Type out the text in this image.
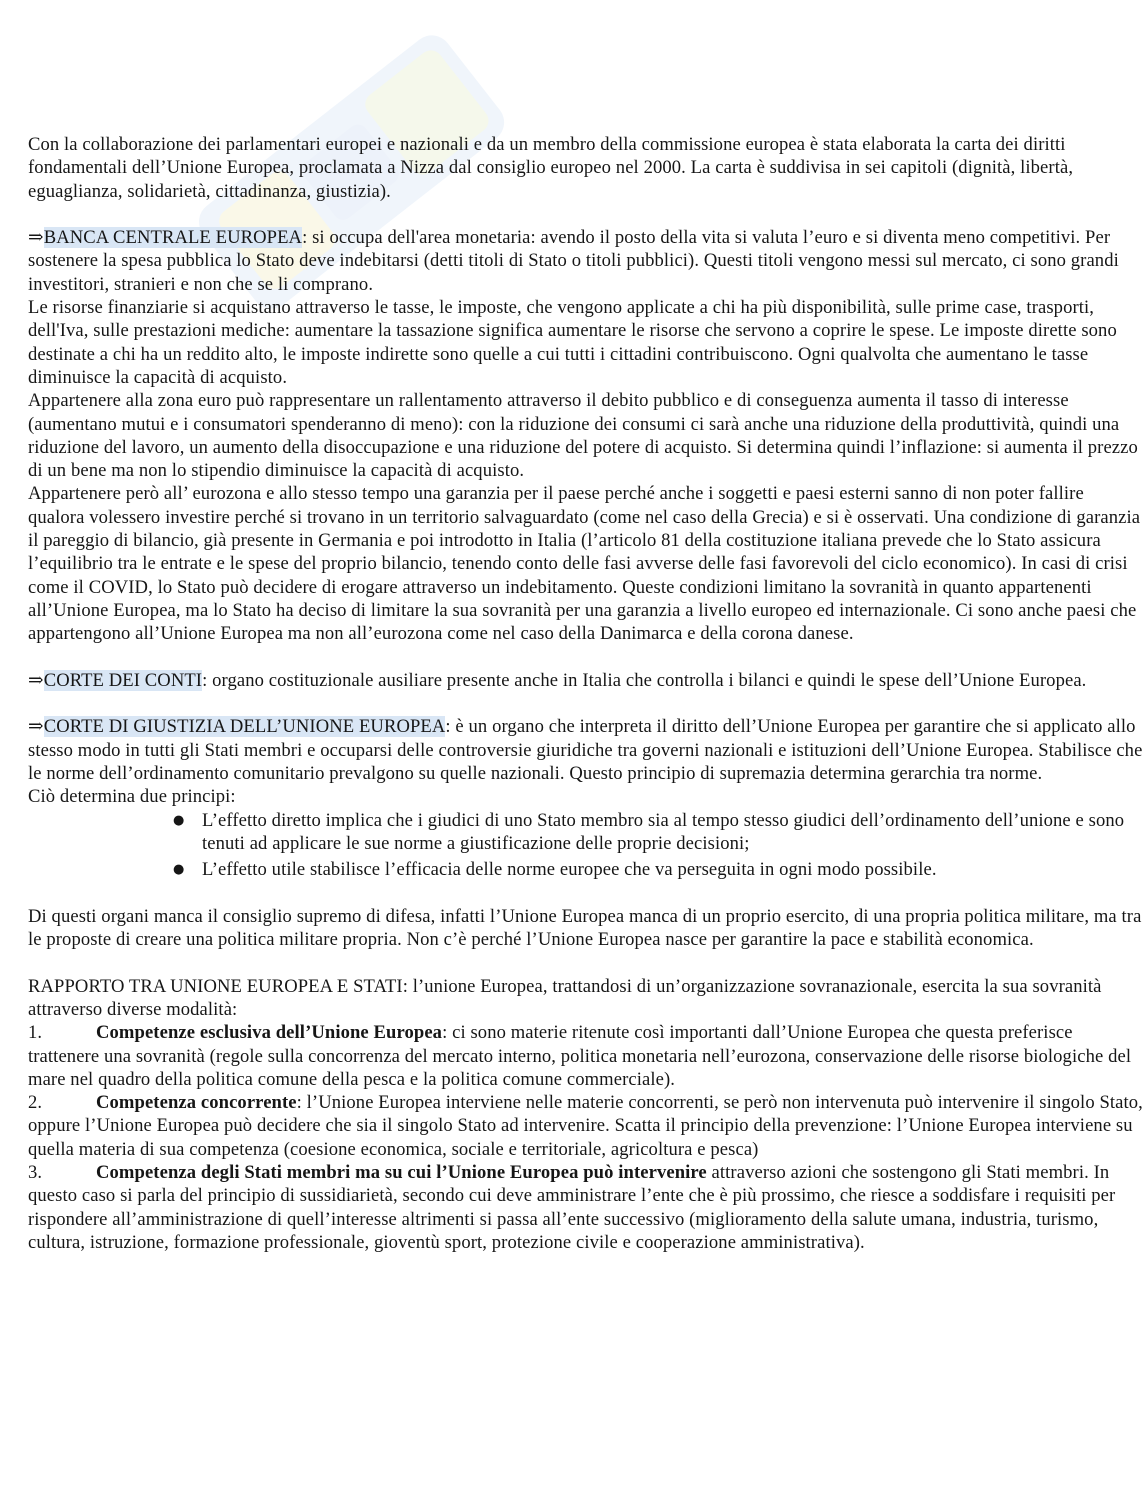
Con la collaborazione dei parlamentari europei e nazionali e da un membro della commissione europea è stata elaborata la carta dei diritti fondamentali dell’Unione Europea, proclamata a Nizza dal consiglio europeo nel 2000. La carta è suddivisa in sei capitoli (dignità, libertà, eguaglianza, solidarietà, cittadinanza, giustizia).

⇒BANCA CENTRALE EUROPEA: si occupa dell'area monetaria: avendo il posto della vita si valuta l’euro e si diventa meno competitivi. Per sostenere la spesa pubblica lo Stato deve indebitarsi (detti titoli di Stato o titoli pubblici). Questi titoli vengono messi sul mercato, ci sono grandi investitori, stranieri e non che se li comprano.

Le risorse finanziarie si acquistano attraverso le tasse, le imposte, che vengono applicate a chi ha più disponibilità, sulle prime case, trasporti, dell'Iva, sulle prestazioni mediche: aumentare la tassazione significa aumentare le risorse che servono a coprire le spese. Le imposte dirette sono destinate a chi ha un reddito alto, le imposte indirette sono quelle a cui tutti i cittadini contribuiscono. Ogni qualvolta che aumentano le tasse diminuisce la capacità di acquisto.

Appartenere alla zona euro può rappresentare un rallentamento attraverso il debito pubblico e di conseguenza aumenta il tasso di interesse (aumentano mutui e i consumatori spenderanno di meno): con la riduzione dei consumi ci sarà anche una riduzione della produttività, quindi una riduzione del lavoro, un aumento della disoccupazione e una riduzione del potere di acquisto. Si determina quindi l’inflazione: si aumenta il prezzo di un bene ma non lo stipendio diminuisce la capacità di acquisto.

Appartenere però all’ eurozona e allo stesso tempo una garanzia per il paese perché anche i soggetti e paesi esterni sanno di non poter fallire qualora volessero investire perché si trovano in un territorio salvaguardato (come nel caso della Grecia) e si è osservati. Una condizione di garanzia il pareggio di bilancio, già presente in Germania e poi introdotto in Italia (l’articolo 81 della costituzione italiana prevede che lo Stato assicura l’equilibrio tra le entrate e le spese del proprio bilancio, tenendo conto delle fasi avverse delle fasi favorevoli del ciclo economico). In casi di crisi come il COVID, lo Stato può decidere di erogare attraverso un indebitamento. Queste condizioni limitano la sovranità in quanto appartenenti all’Unione Europea, ma lo Stato ha deciso di limitare la sua sovranità per una garanzia a livello europeo ed internazionale. Ci sono anche paesi che appartengono all’Unione Europea ma non all’eurozona come nel caso della Danimarca e della corona danese.

⇒CORTE DEI CONTI: organo costituzionale ausiliare presente anche in Italia che controlla i bilanci e quindi le spese dell’Unione Europea.

⇒CORTE DI GIUSTIZIA DELL’UNIONE EUROPEA: è un organo che interpreta il diritto dell’Unione Europea per garantire che si applicato allo stesso modo in tutti gli Stati membri e occuparsi delle controversie giuridiche tra governi nazionali e istituzioni dell’Unione Europea. Stabilisce che le norme dell’ordinamento comunitario prevalgono su quelle nazionali. Questo principio di supremazia determina gerarchia tra norme.

Ciò determina due principi:

● L’effetto diretto implica che i giudici di uno Stato membro sia al tempo stesso giudici dell’ordinamento dell’unione e sono tenuti ad applicare le sue norme a giustificazione delle proprie decisioni;
● L’effetto utile stabilisce l’efficacia delle norme europee che va perseguita in ogni modo possibile.

Di questi organi manca il consiglio supremo di difesa, infatti l’Unione Europea manca di un proprio esercito, di una propria politica militare, ma tra le proposte di creare una politica militare propria. Non c’è perché l’Unione Europea nasce per garantire la pace e stabilità economica.

RAPPORTO TRA UNIONE EUROPEA E STATI: l’unione Europea, trattandosi di un’organizzazione sovranazionale, esercita la sua sovranità attraverso diverse modalità:

1.	Competenze esclusiva dell’Unione Europea: ci sono materie ritenute così importanti dall’Unione Europea che questa preferisce trattenere una sovranità (regole sulla concorrenza del mercato interno, politica monetaria nell’eurozona, conservazione delle risorse biologiche del mare nel quadro della politica comune della pesca e la politica comune commerciale).

2.	Competenza concorrente: l’Unione Europea interviene nelle materie concorrenti, se però non intervenuta può intervenire il singolo Stato, oppure l’Unione Europea può decidere che sia il singolo Stato ad intervenire. Scatta il principio della prevenzione: l’Unione Europea interviene su quella materia di sua competenza (coesione economica, sociale e territoriale, agricoltura e pesca)

3.	Competenza degli Stati membri ma su cui l’Unione Europea può intervenire attraverso azioni che sostengono gli Stati membri. In questo caso si parla del principio di sussidiarietà, secondo cui deve amministrare l’ente che è più prossimo, che riesce a soddisfare i requisiti per rispondere all’amministrazione di quell’interesse altrimenti si passa all’ente successivo (miglioramento della salute umana, industria, turismo, cultura, istruzione, formazione professionale, gioventù sport, protezione civile e cooperazione amministrativa).
